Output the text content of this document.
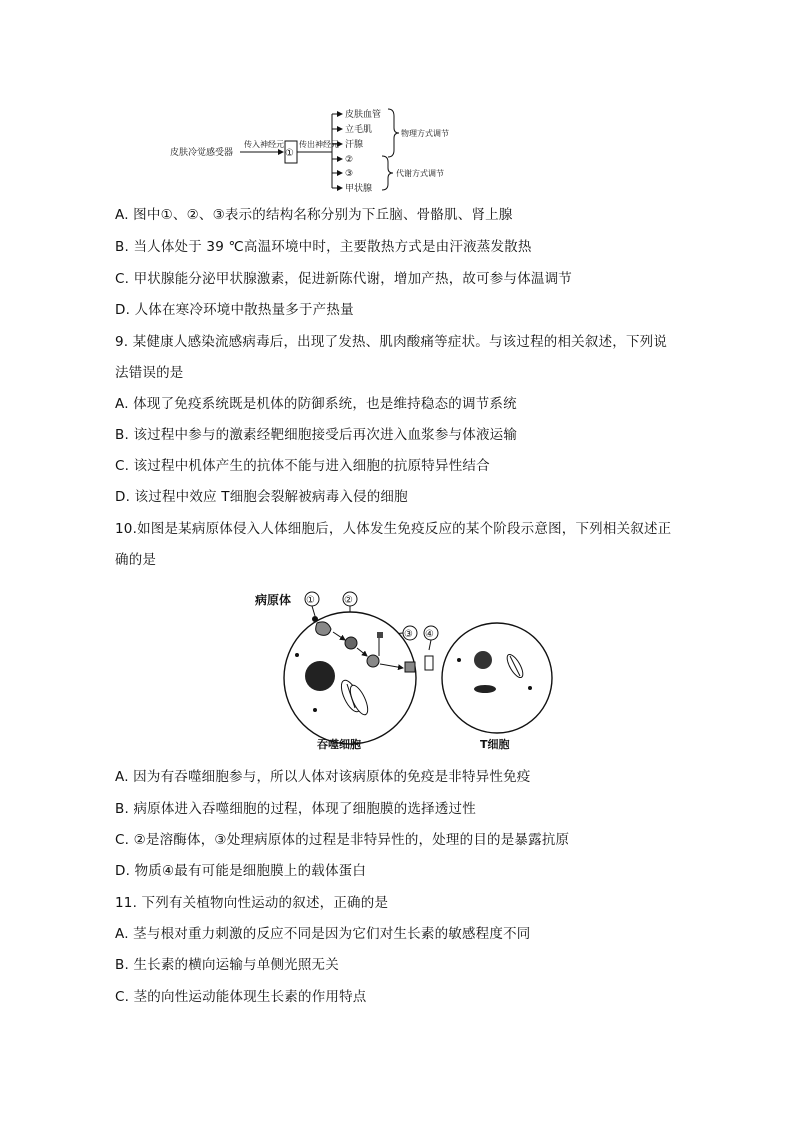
皮肤冷觉感受器
传入神经元
①
传出神经元
皮肤血管
立毛肌
汗腺
②
③
甲状腺
物理方式调节
代谢方式调节
A. 图中①、②、③表示的结构名称分别为下丘脑、骨骼肌、肾上腺
B. 当人体处于 39 ℃高温环境中时，主要散热方式是由汗液蒸发散热
C. 甲状腺能分泌甲状腺激素，促进新陈代谢，增加产热，故可参与体温调节
D. 人体在寒冷环境中散热量多于产热量
9. 某健康人感染流感病毒后，出现了发热、肌肉酸痛等症状。与该过程的相关叙述，下列说
法错误的是
A. 体现了免疫系统既是机体的防御系统，也是维持稳态的调节系统
B. 该过程中参与的激素经靶细胞接受后再次进入血浆参与体液运输
C. 该过程中机体产生的抗体不能与进入细胞的抗原特异性结合
D. 该过程中效应 T细胞会裂解被病毒入侵的细胞
10.如图是某病原体侵入人体细胞后，人体发生免疫反应的某个阶段示意图，下列相关叙述正
确的是
病原体 ①	②
③ ④
吞噬细胞	T细胞
A. 因为有吞噬细胞参与，所以人体对该病原体的免疫是非特异性免疫
B. 病原体进入吞噬细胞的过程，体现了细胞膜的选择透过性
C. ②是溶酶体，③处理病原体的过程是非特异性的，处理的目的是暴露抗原
D. 物质④最有可能是细胞膜上的载体蛋白
11. 下列有关植物向性运动的叙述，正确的是
A. 茎与根对重力刺激的反应不同是因为它们对生长素的敏感程度不同
B. 生长素的横向运输与单侧光照无关
C. 茎的向性运动能体现生长素的作用特点
